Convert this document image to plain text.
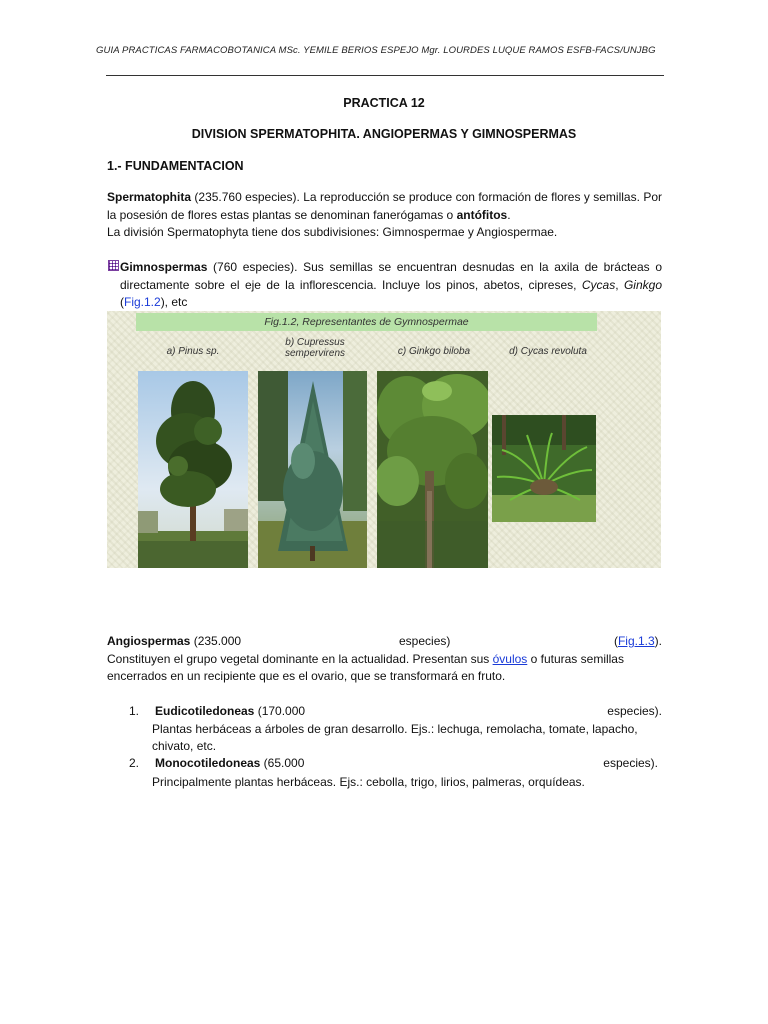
GUIA PRACTICAS FARMACOBOTANICA MSc. YEMILE BERIOS ESPEJO Mgr. LOURDES LUQUE RAMOS ESFB-FACS/UNJBG
PRACTICA 12
DIVISION SPERMATOPHITA. ANGIOPERMAS Y GIMNOSPERMAS
1.- FUNDAMENTACION
Spermatophita (235.760 especies). La reproducción se produce con formación de flores y semillas. Por la posesión de flores estas plantas se denominan fanerógamas o antófitos.
La división Spermatophyta tiene dos subdivisiones: Gimnospermae y Angiospermae.
Gimnospermas (760 especies). Sus semillas se encuentran desnudas en la axila de brácteas o directamente sobre el eje de la inflorescencia. Incluye los pinos, abetos, cipreses, Cycas, Ginkgo (Fig.1.2), etc
Fig.1.2, Representantes de Gymnospermae
a) Pinus sp.
b) Cupressus
sempervirens	c) Ginkgo biloba	d) Cycas revoluta
Angiospermas (235.000	especies)	(Fig.1.3).
Constituyen el grupo vegetal dominante en la actualidad. Presentan sus óvulos o futuras semillas
encerrados en un recipiente que es el ovario, que se transformará en fruto.
1. Eudicotiledoneas (170.000	especies).
Plantas herbáceas a árboles de gran desarrollo. Ejs.: lechuga, remolacha, tomate, lapacho,
chivato, etc.
2. Monocotiledoneas (65.000	especies).
Principalmente plantas herbáceas. Ejs.: cebolla, trigo, lirios, palmeras, orquídeas.
